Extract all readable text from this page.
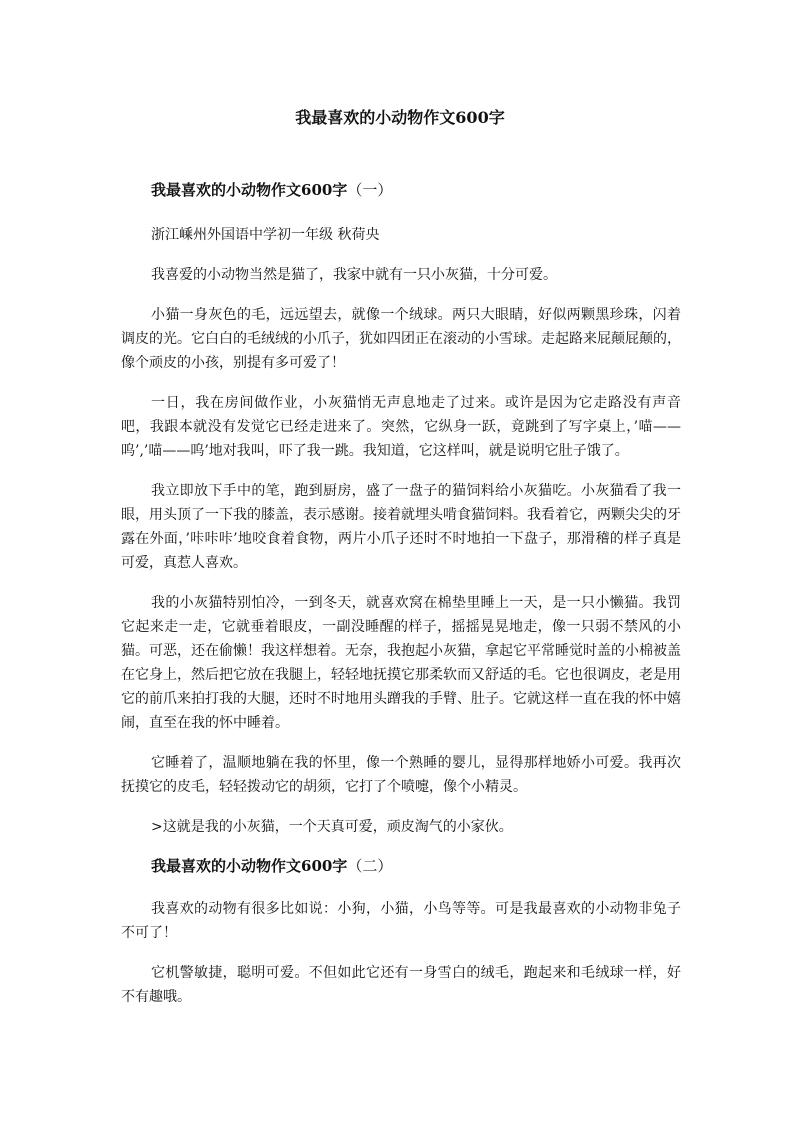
我最喜欢的小动物作文600字
我最喜欢的小动物作文600字（一）

浙江嵊州外国语中学初一年级 秋荷央

我喜爱的小动物当然是猫了，我家中就有一只小灰猫，十分可爱。

小猫一身灰色的毛，远远望去，就像一个绒球。两只大眼睛，好似两颗黑珍珠，闪着调皮的光。它白白的毛绒绒的小爪子，犹如四团正在滚动的小雪球。走起路来屁颠屁颠的，像个顽皮的小孩，别提有多可爱了！

一日，我在房间做作业，小灰猫悄无声息地走了过来。或许是因为它走路没有声音吧，我跟本就没有发觉它已经走进来了。突然，它纵身一跃，竟跳到了写字桌上，’喵——呜’,’喵——呜’地对我叫，吓了我一跳。我知道，它这样叫，就是说明它肚子饿了。

我立即放下手中的笔，跑到厨房，盛了一盘子的猫饲料给小灰猫吃。小灰猫看了我一眼，用头顶了一下我的膝盖，表示感谢。接着就埋头啃食猫饲料。我看着它，两颗尖尖的牙露在外面，’咔咔咔’地咬食着食物，两片小爪子还时不时地拍一下盘子，那滑稽的样子真是可爱，真惹人喜欢。

我的小灰猫特别怕冷，一到冬天，就喜欢窝在棉垫里睡上一天，是一只小懒猫。我罚它起来走一走，它就垂着眼皮，一副没睡醒的样子，摇摇晃晃地走，像一只弱不禁风的小猫。可恶，还在偷懒！我这样想着。无奈，我抱起小灰猫，拿起它平常睡觉时盖的小棉被盖在它身上，然后把它放在我腿上，轻轻地抚摸它那柔软而又舒适的毛。它也很调皮，老是用它的前爪来拍打我的大腿，还时不时地用头蹭我的手臂、肚子。它就这样一直在我的怀中嬉闹，直至在我的怀中睡着。

它睡着了，温顺地躺在我的怀里，像一个熟睡的婴儿，显得那样地娇小可爱。我再次抚摸它的皮毛，轻轻拨动它的胡须，它打了个喷嚏，像个小精灵。

>这就是我的小灰猫，一个天真可爱，顽皮淘气的小家伙。

我最喜欢的小动物作文600字（二）

我喜欢的动物有很多比如说：小狗，小猫，小鸟等等。可是我最喜欢的小动物非兔子不可了！

它机警敏捷，聪明可爱。不但如此它还有一身雪白的绒毛，跑起来和毛绒球一样，好不有趣哦。
